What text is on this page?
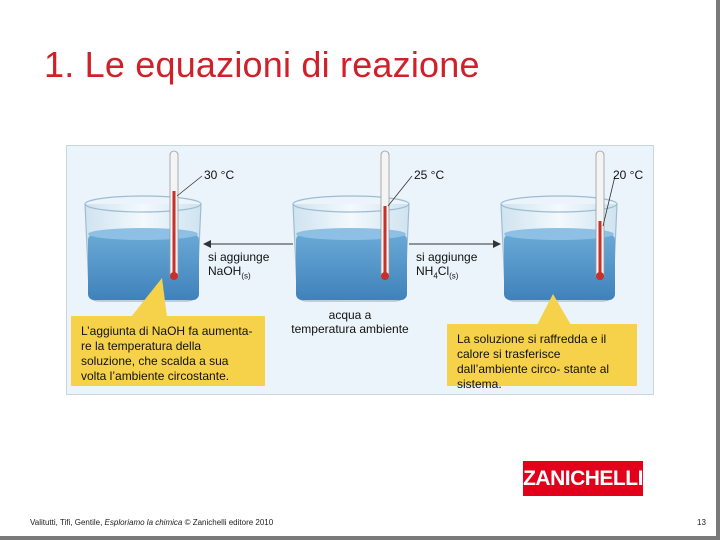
1. Le equazioni di reazione
30 °C	25 °C	20 °C
si aggiunge
NaOH$_{(s)}$
si aggiunge
$NH_4Cl_{(s)}$
acqua a
temperatura ambiente
L’aggiunta di NaOH fa aumenta- re la temperatura della soluzione, che scalda a sua volta l’ambiente circostante.
La soluzione si raffredda e il calore si trasferisce dall’ambiente circo- stante al sistema.
ZANICHELLI
Valitutti, Tifi, Gentile, Esploriamo la chimica © Zanichelli editore 2010	13
